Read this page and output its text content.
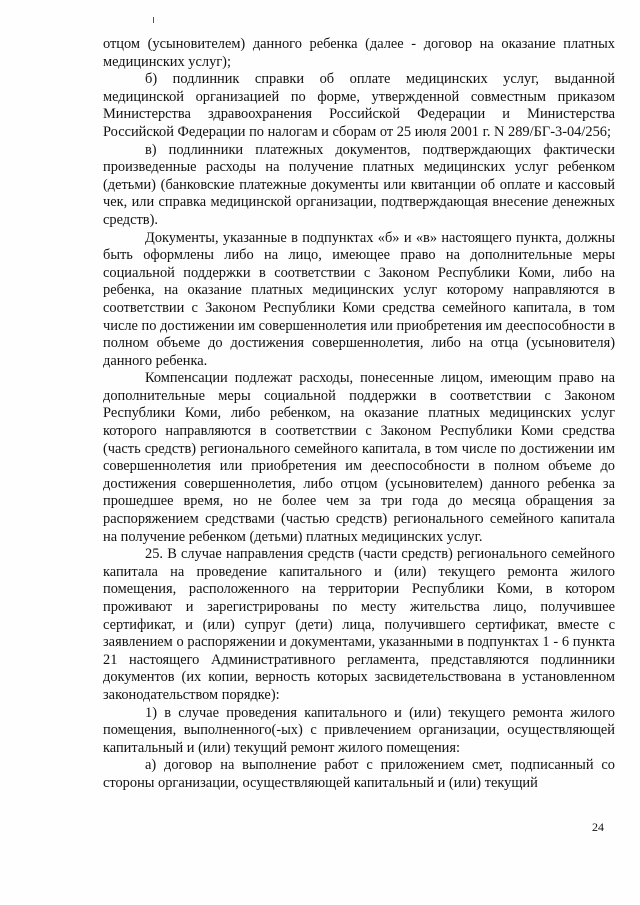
отцом (усыновителем) данного ребенка (далее - договор на оказание платных медицинских услуг);

б) подлинник справки об оплате медицинских услуг, выданной медицинской организацией по форме, утвержденной совместным приказом Министерства здравоохранения Российской Федерации и Министерства Российской Федерации по налогам и сборам от 25 июля 2001 г. N 289/БГ-3-04/256;

в) подлинники платежных документов, подтверждающих фактически произведенные расходы на получение платных медицинских услуг ребенком (детьми) (банковские платежные документы или квитанции об оплате и кассовый чек, или справка медицинской организации, подтверждающая внесение денежных средств).

Документы, указанные в подпунктах «б» и «в» настоящего пункта, должны быть оформлены либо на лицо, имеющее право на дополнительные меры социальной поддержки в соответствии с Законом Республики Коми, либо на ребенка, на оказание платных медицинских услуг которому направляются в соответствии с Законом Республики Коми средства семейного капитала, в том числе по достижении им совершеннолетия или приобретения им дееспособности в полном объеме до достижения совершеннолетия, либо на отца (усыновителя) данного ребенка.

Компенсации подлежат расходы, понесенные лицом, имеющим право на дополнительные меры социальной поддержки в соответствии с Законом Республики Коми, либо ребенком, на оказание платных медицинских услуг которого направляются в соответствии с Законом Республики Коми средства (часть средств) регионального семейного капитала, в том числе по достижении им совершеннолетия или приобретения им дееспособности в полном объеме до достижения совершеннолетия, либо отцом (усыновителем) данного ребенка за прошедшее время, но не более чем за три года до месяца обращения за распоряжением средствами (частью средств) регионального семейного капитала на получение ребенком (детьми) платных медицинских услуг.

25. В случае направления средств (части средств) регионального семейного капитала на проведение капитального и (или) текущего ремонта жилого помещения, расположенного на территории Республики Коми, в котором проживают и зарегистрированы по месту жительства лицо, получившее сертификат, и (или) супруг (дети) лица, получившего сертификат, вместе с заявлением о распоряжении и документами, указанными в подпунктах 1 - 6 пункта 21 настоящего Административного регламента, представляются подлинники документов (их копии, верность которых засвидетельствована в установленном законодательством порядке):

1) в случае проведения капитального и (или) текущего ремонта жилого помещения, выполненного(-ых) с привлечением организации, осуществляющей капитальный и (или) текущий ремонт жилого помещения:

а) договор на выполнение работ с приложением смет, подписанный со стороны организации, осуществляющей капитальный и (или) текущий

24
